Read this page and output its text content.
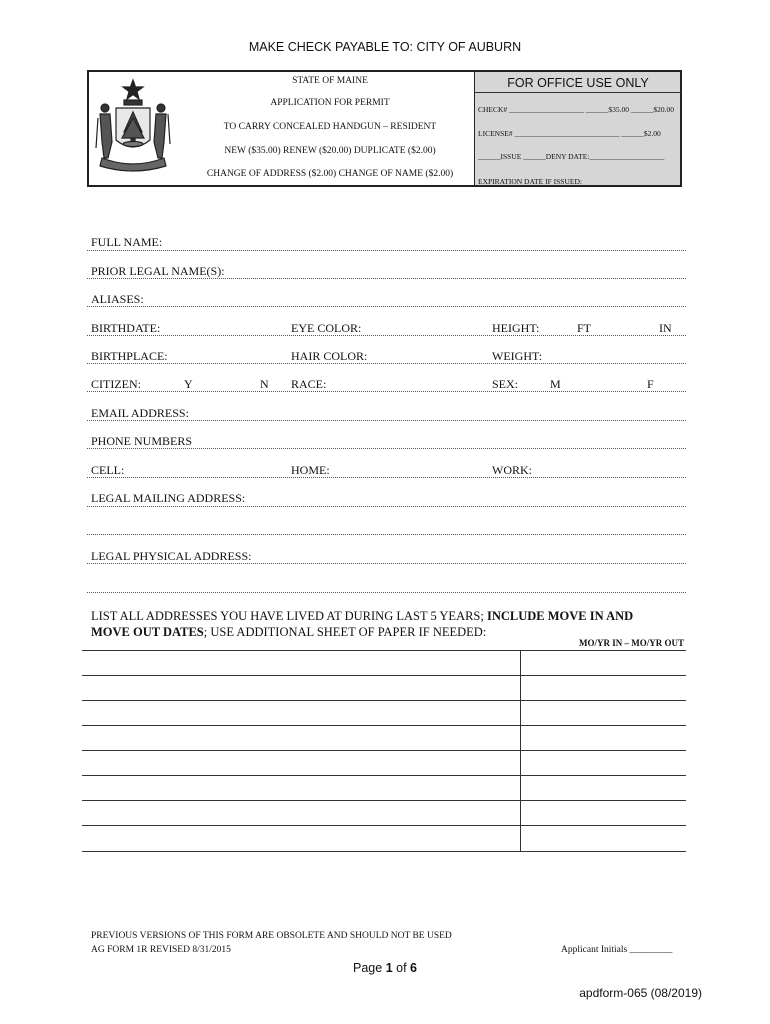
MAKE CHECK PAYABLE TO: CITY OF AUBURN
STATE OF MAINE
APPLICATION FOR PERMIT
TO CARRY CONCEALED HANDGUN – RESIDENT
NEW ($35.00) RENEW ($20.00) DUPLICATE ($2.00)
CHANGE OF ADDRESS ($2.00) CHANGE OF NAME ($2.00)
FOR OFFICE USE ONLY
CHECK# ____________________ ______$35.00 ______$20.00
LICENSE# ____________________________ ______$2.00
______ISSUE ______DENY DATE:____________________
EXPIRATION DATE IF ISSUED:
FULL NAME:
PRIOR LEGAL NAME(S):
ALIASES:
BIRTHDATE:	EYE COLOR:	HEIGHT:	FT	IN
BIRTHPLACE:	HAIR COLOR:	WEIGHT:
CITIZEN:	Y	N RACE:	SEX:	M	F
EMAIL ADDRESS:
PHONE NUMBERS
CELL:	HOME:	WORK:
LEGAL MAILING ADDRESS:
LEGAL PHYSICAL ADDRESS:
LIST ALL ADDRESSES YOU HAVE LIVED AT DURING LAST 5 YEARS; INCLUDE MOVE IN AND
MOVE OUT DATES; USE ADDITIONAL SHEET OF PAPER IF NEEDED:
MO/YR IN – MO/YR OUT
PREVIOUS VERSIONS OF THIS FORM ARE OBSOLETE AND SHOULD NOT BE USED
AG FORM 1R REVISED 8/31/2015	Applicant Initials _________
Page 1 of 6
apdform-065 (08/2019)
